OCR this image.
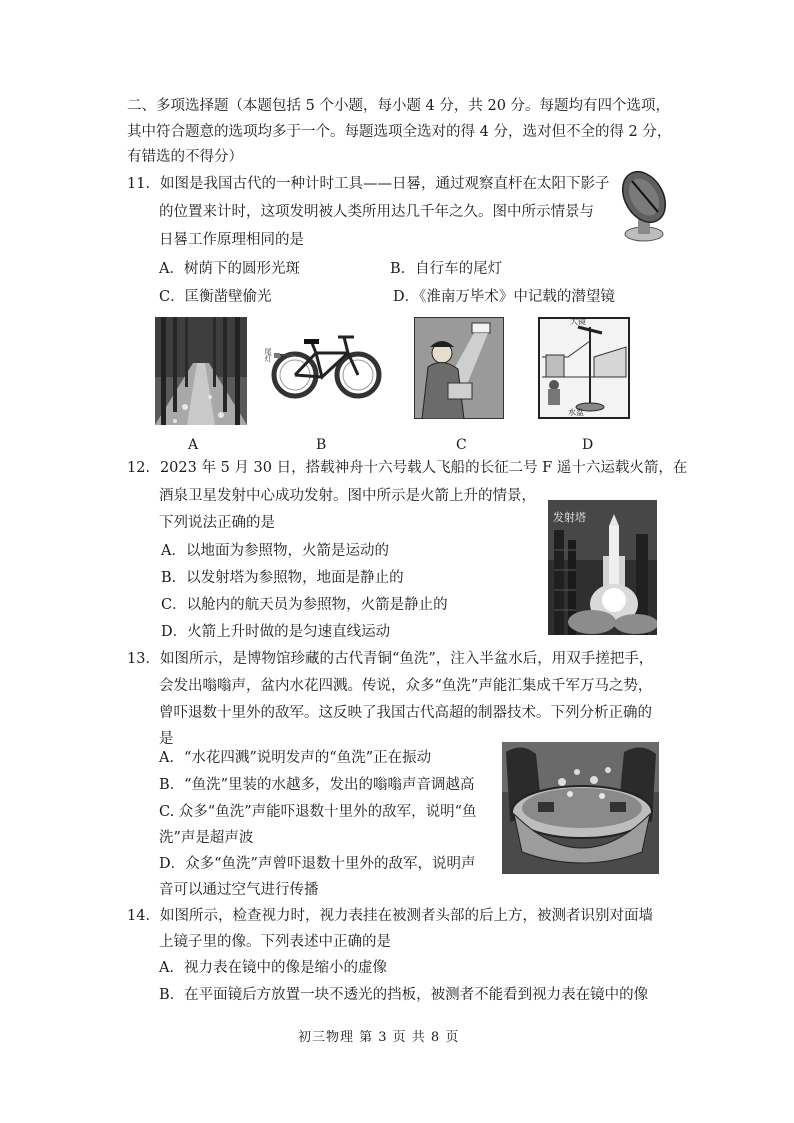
二、多项选择题（本题包括 5 个小题，每小题 4 分，共 20 分。每题均有四个选项，
其中符合题意的选项均多于一个。每题选项全选对的得 4 分，选对但不全的得 2 分，
有错选的不得分）
11．如图是我国古代的一种计时工具——日晷，通过观察直杆在太阳下影子
的位置来计时，这项发明被人类所用达几千年之久。图中所示情景与
日晷工作原理相同的是
A．树荫下的圆形光斑	B．自行车的尾灯
C．匡衡凿壁偷光	D．《淮南万毕术》中记载的潜望镜
A
尾灯
B	C
大镜
水盆
D
12．2023 年 5 月 30 日，搭载神舟十六号载人飞船的长征二号 F 遥十六运载火箭，在
酒泉卫星发射中心成功发射。图中所示是火箭上升的情景，
下列说法正确的是
A．以地面为参照物，火箭是运动的
B．以发射塔为参照物，地面是静止的
C．以舱内的航天员为参照物，火箭是静止的
D．火箭上升时做的是匀速直线运动
发射塔
13．如图所示，是博物馆珍藏的古代青铜“鱼洗”，注入半盆水后，用双手搓把手，
会发出嗡嗡声，盆内水花四溅。传说，众多“鱼洗”声能汇集成千军万马之势，
曾吓退数十里外的敌军。这反映了我国古代高超的制器技术。下列分析正确的
是
A．“水花四溅”说明发声的“鱼洗”正在振动
B．“鱼洗”里装的水越多，发出的嗡嗡声音调越高
C. 众多“鱼洗”声能吓退数十里外的敌军，说明“鱼
洗”声是超声波
D．众多“鱼洗”声曾吓退数十里外的敌军，说明声
音可以通过空气进行传播
14．如图所示，检查视力时，视力表挂在被测者头部的后上方，被测者识别对面墙
上镜子里的像。下列表述中正确的是
A．视力表在镜中的像是缩小的虚像
B．在平面镜后方放置一块不透光的挡板，被测者不能看到视力表在镜中的像
初三物理 第 3 页 共 8 页
